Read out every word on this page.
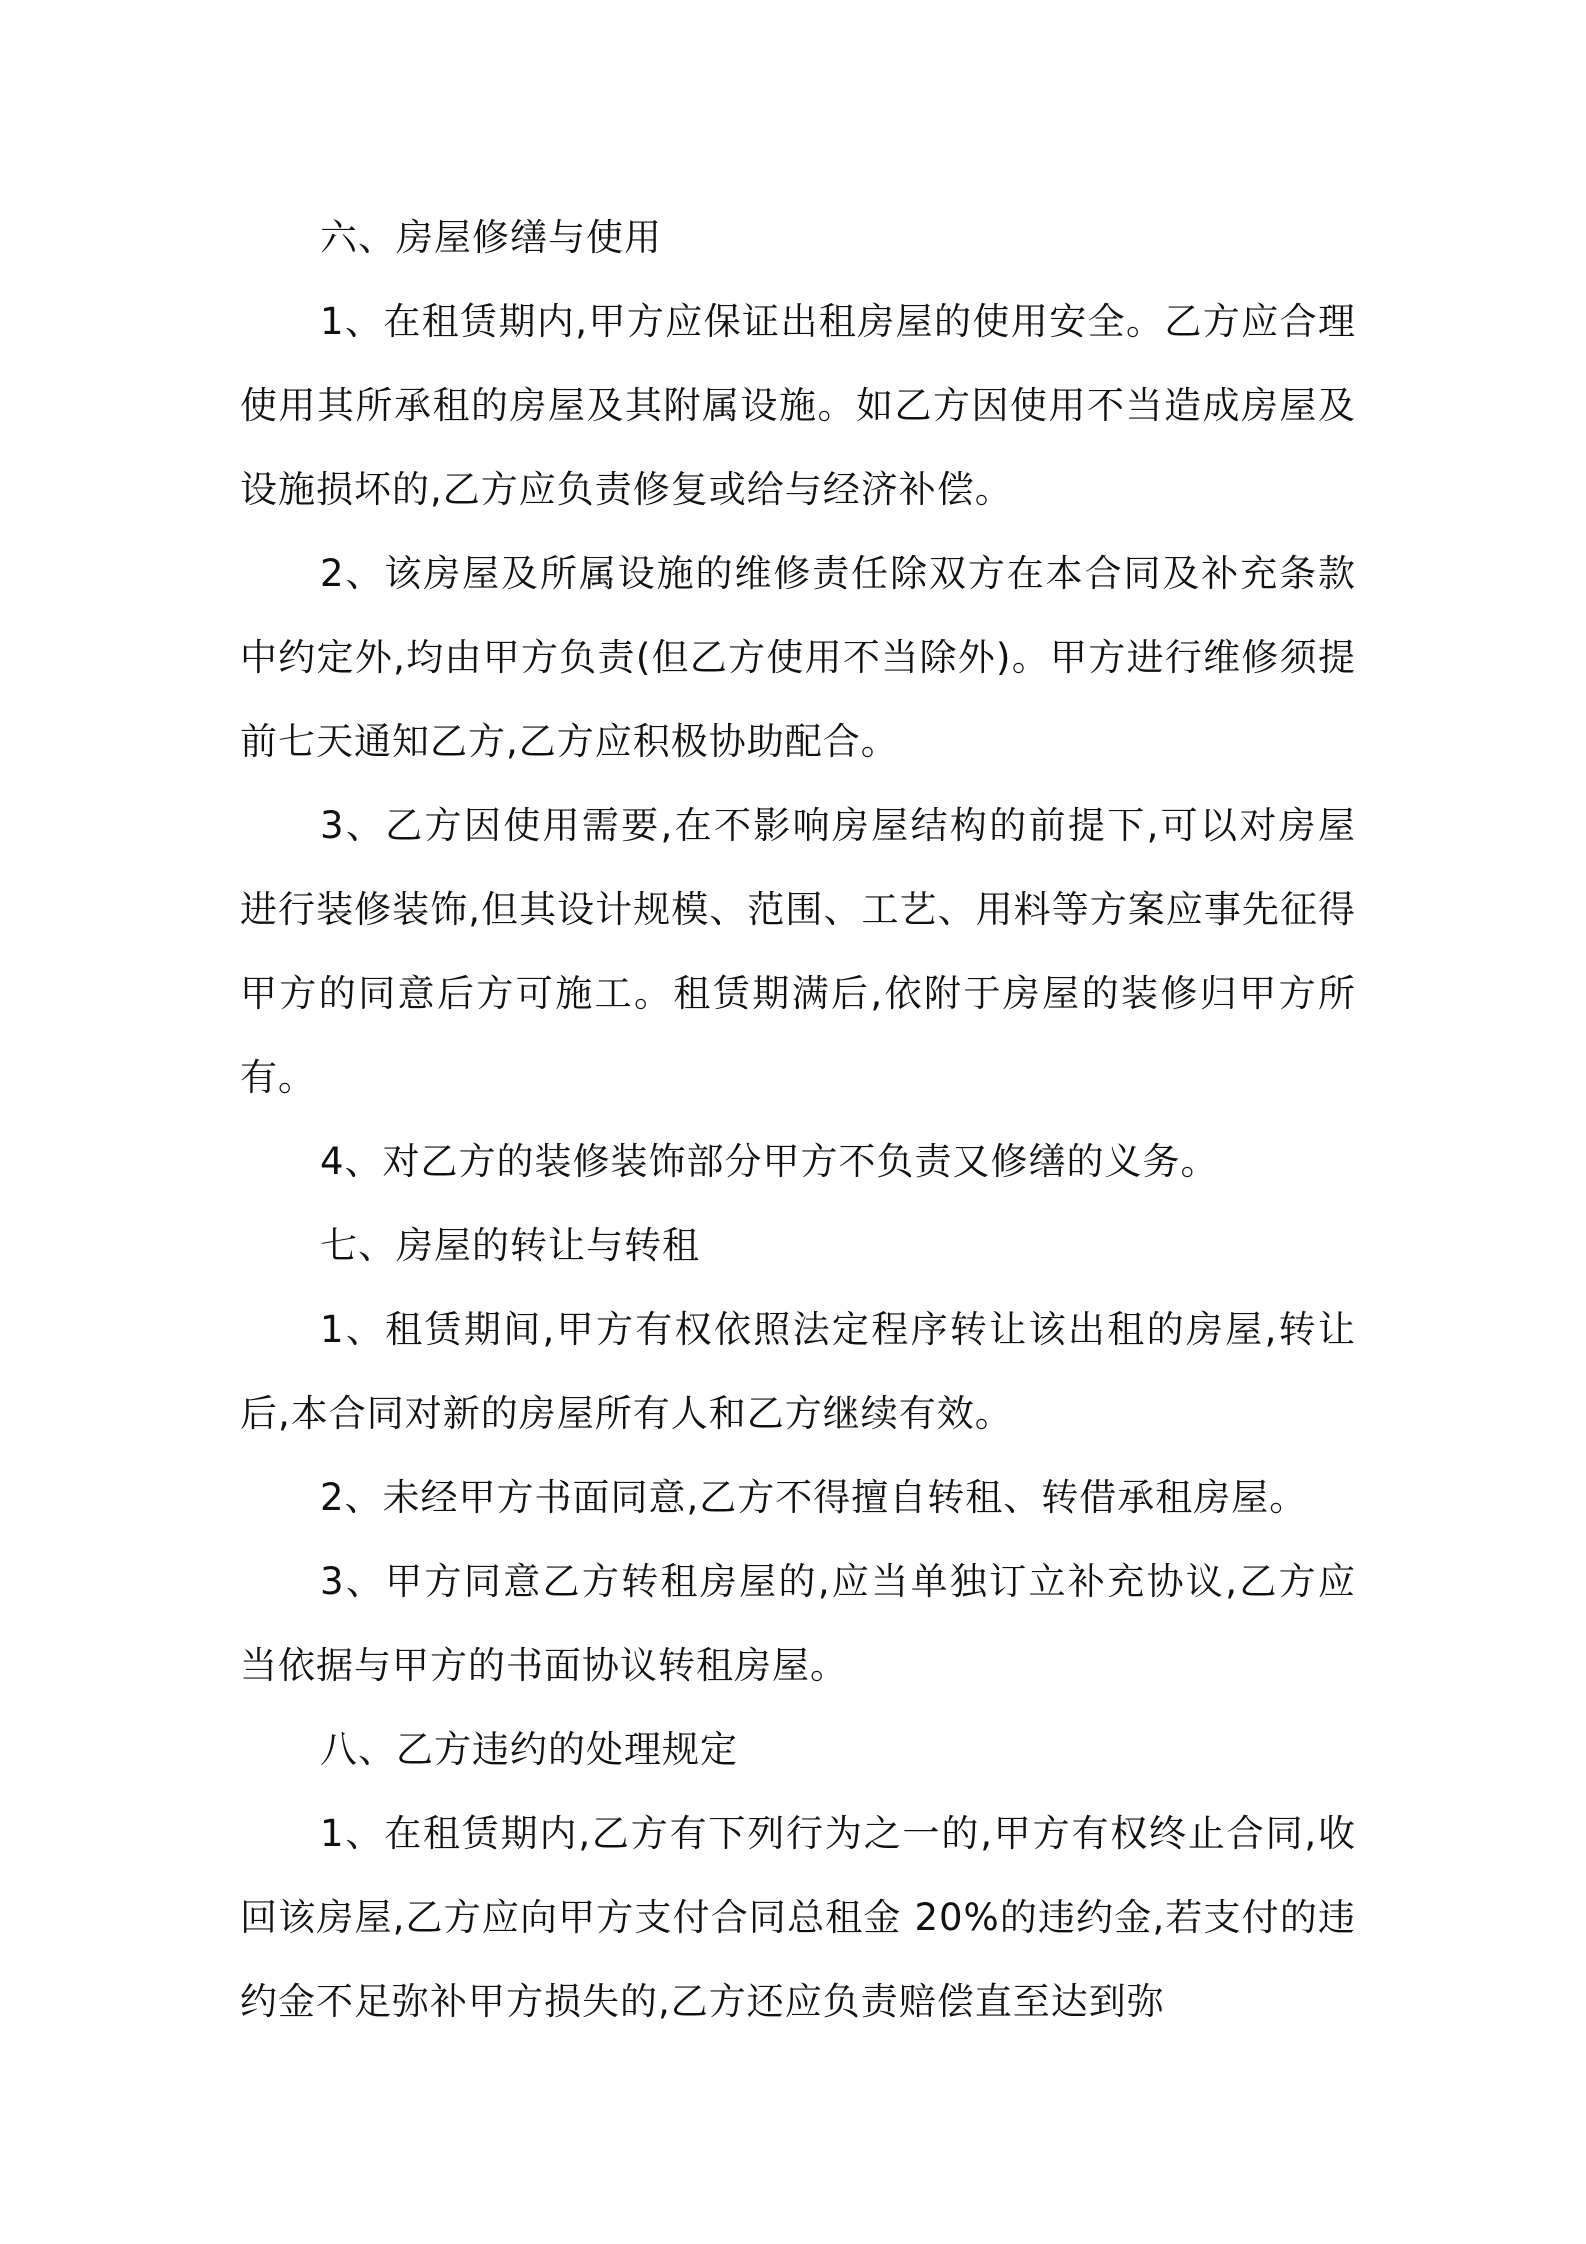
六、房屋修缮与使用

1、在租赁期内,甲方应保证出租房屋的使用安全。乙方应合理使用其所承租的房屋及其附属设施。如乙方因使用不当造成房屋及设施损坏的,乙方应负责修复或给与经济补偿。

2、该房屋及所属设施的维修责任除双方在本合同及补充条款中约定外,均由甲方负责(但乙方使用不当除外)。甲方进行维修须提前七天通知乙方,乙方应积极协助配合。

3、乙方因使用需要,在不影响房屋结构的前提下,可以对房屋进行装修装饰,但其设计规模、范围、工艺、用料等方案应事先征得甲方的同意后方可施工。租赁期满后,依附于房屋的装修归甲方所有。

4、对乙方的装修装饰部分甲方不负责又修缮的义务。

七、房屋的转让与转租

1、租赁期间,甲方有权依照法定程序转让该出租的房屋,转让后,本合同对新的房屋所有人和乙方继续有效。

2、未经甲方书面同意,乙方不得擅自转租、转借承租房屋。

3、甲方同意乙方转租房屋的,应当单独订立补充协议,乙方应当依据与甲方的书面协议转租房屋。

八、乙方违约的处理规定

1、在租赁期内,乙方有下列行为之一的,甲方有权终止合同,收回该房屋,乙方应向甲方支付合同总租金 20%的违约金,若支付的违约金不足弥补甲方损失的,乙方还应负责赔偿直至达到弥
